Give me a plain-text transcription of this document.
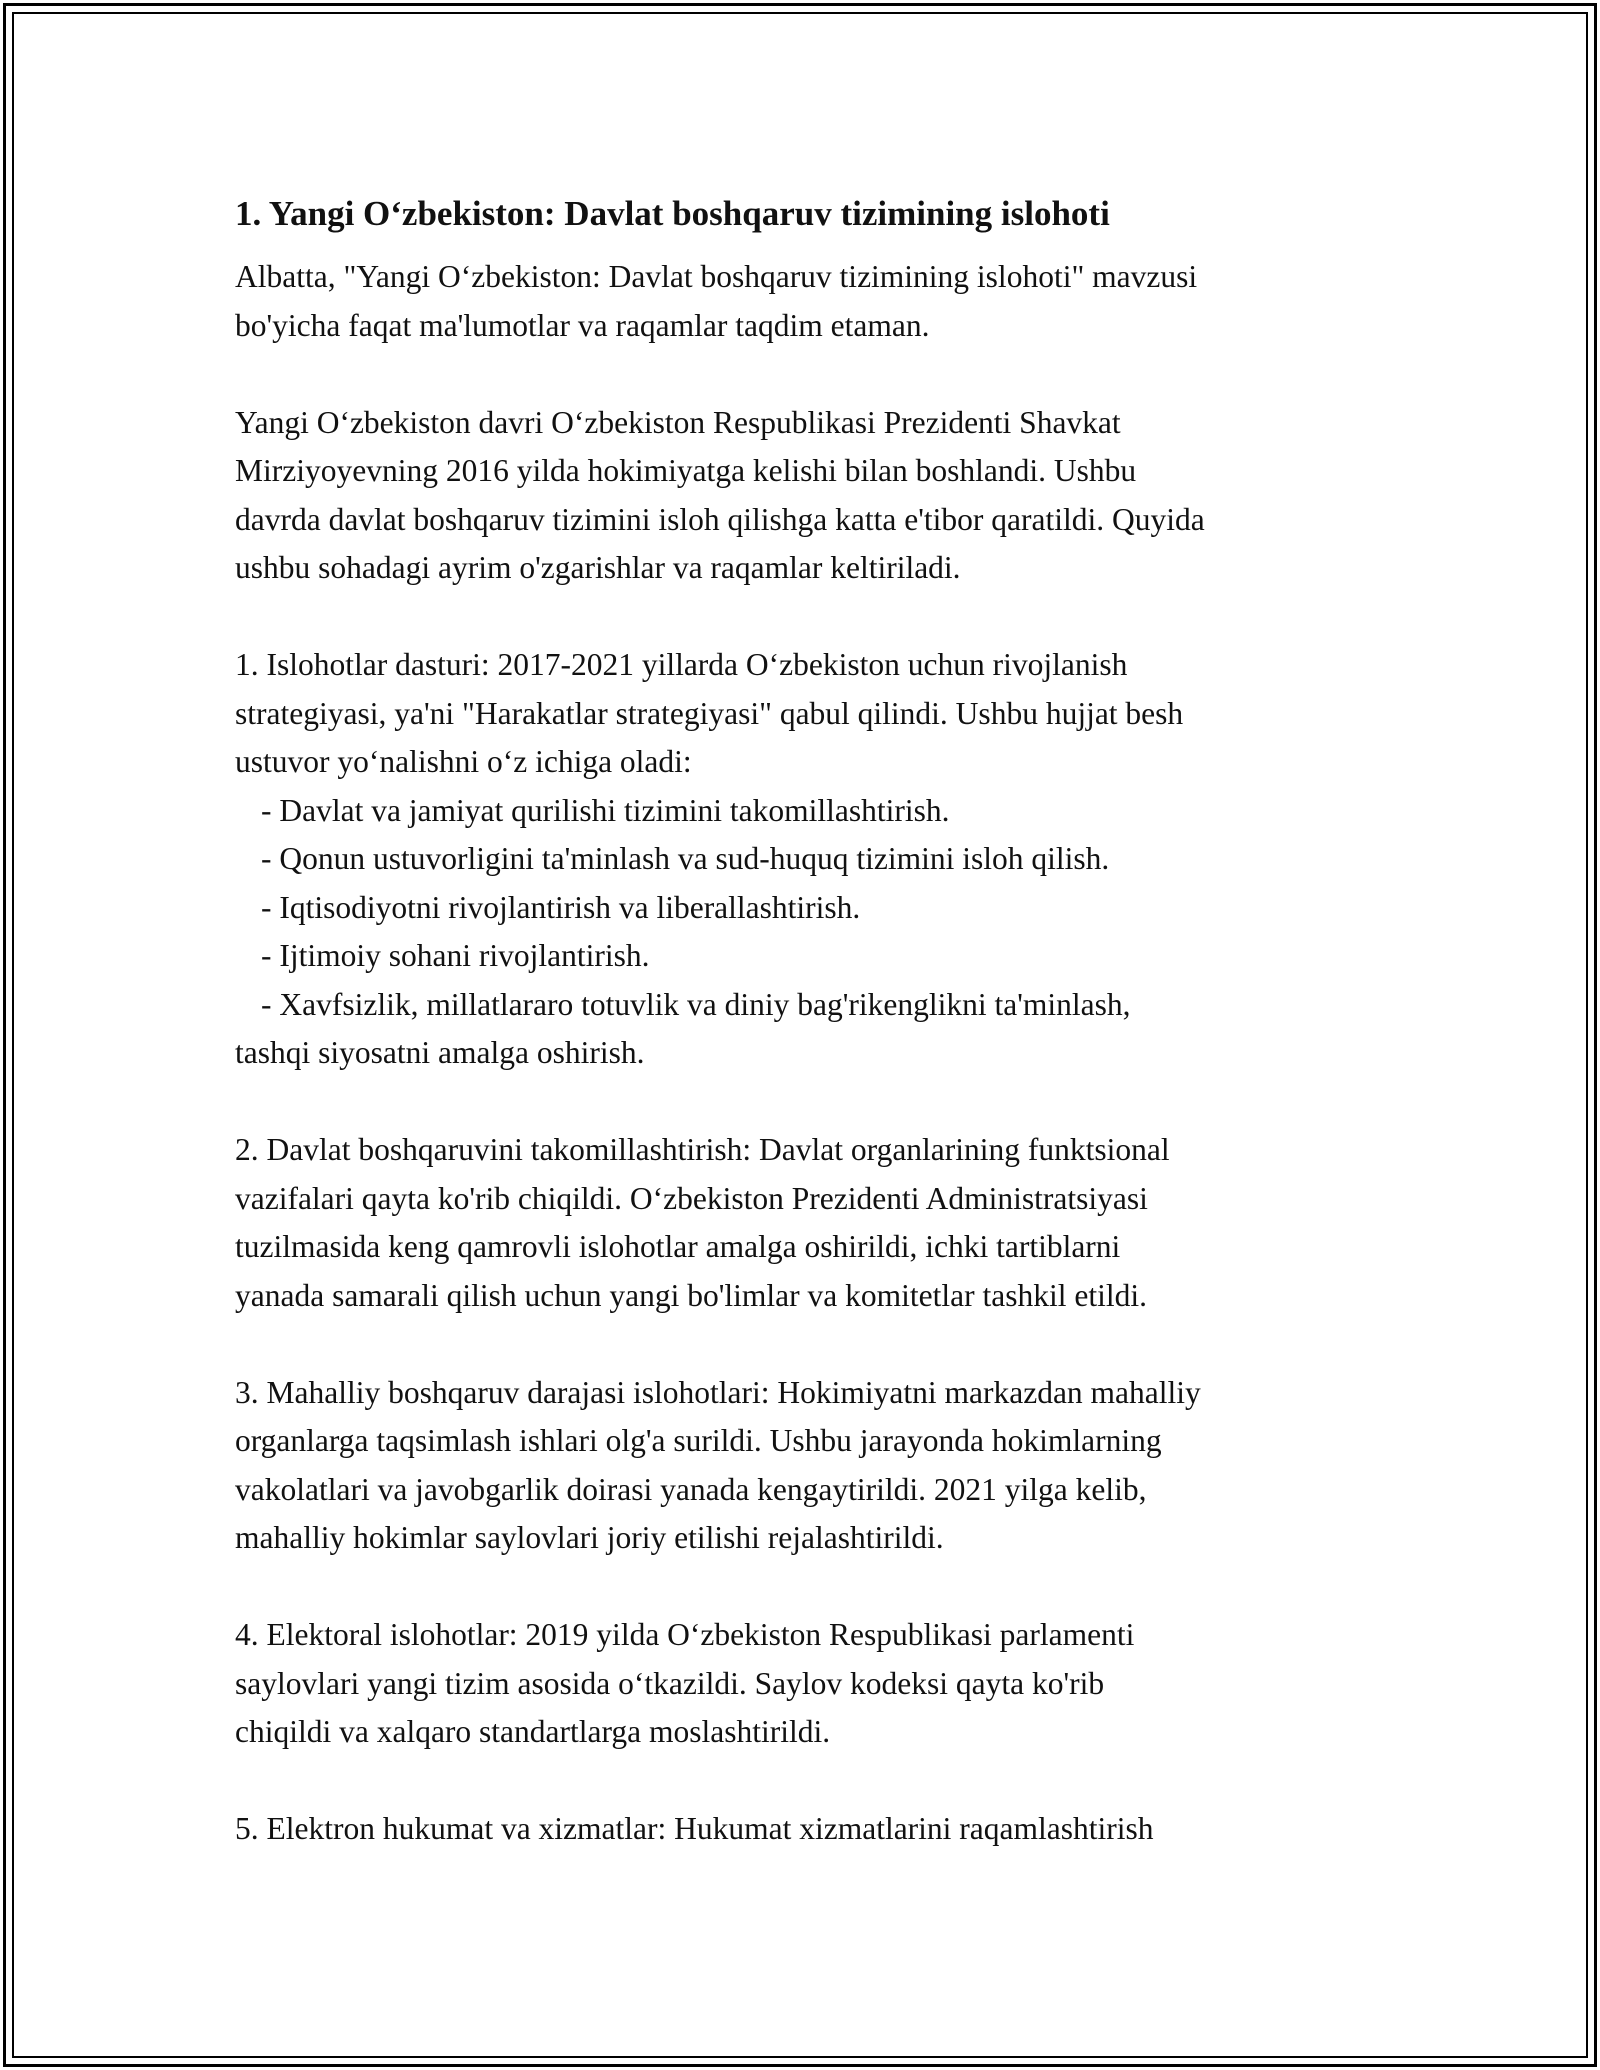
1. Yangi O‘zbekiston: Davlat boshqaruv tizimining islohoti
Albatta, "Yangi O‘zbekiston: Davlat boshqaruv tizimining islohoti" mavzusi
bo'yicha faqat ma'lumotlar va raqamlar taqdim etaman.
Yangi O‘zbekiston davri O‘zbekiston Respublikasi Prezidenti Shavkat
Mirziyoyevning 2016 yilda hokimiyatga kelishi bilan boshlandi. Ushbu
davrda davlat boshqaruv tizimini isloh qilishga katta e'tibor qaratildi. Quyida
ushbu sohadagi ayrim o'zgarishlar va raqamlar keltiriladi.
1. Islohotlar dasturi: 2017-2021 yillarda O‘zbekiston uchun rivojlanish
strategiyasi, ya'ni "Harakatlar strategiyasi" qabul qilindi. Ushbu hujjat besh
ustuvor yo‘nalishni o‘z ichiga oladi:
- Davlat va jamiyat qurilishi tizimini takomillashtirish.
- Qonun ustuvorligini ta'minlash va sud-huquq tizimini isloh qilish.
- Iqtisodiyotni rivojlantirish va liberallashtirish.
- Ijtimoiy sohani rivojlantirish.
- Xavfsizlik, millatlararo totuvlik va diniy bag'rikenglikni ta'minlash,
tashqi siyosatni amalga oshirish.
2. Davlat boshqaruvini takomillashtirish: Davlat organlarining funktsional
vazifalari qayta ko'rib chiqildi. O‘zbekiston Prezidenti Administratsiyasi
tuzilmasida keng qamrovli islohotlar amalga oshirildi, ichki tartiblarni
yanada samarali qilish uchun yangi bo'limlar va komitetlar tashkil etildi.
3. Mahalliy boshqaruv darajasi islohotlari: Hokimiyatni markazdan mahalliy
organlarga taqsimlash ishlari olg'a surildi. Ushbu jarayonda hokimlarning
vakolatlari va javobgarlik doirasi yanada kengaytirildi. 2021 yilga kelib,
mahalliy hokimlar saylovlari joriy etilishi rejalashtirildi.
4. Elektoral islohotlar: 2019 yilda O‘zbekiston Respublikasi parlamenti
saylovlari yangi tizim asosida o‘tkazildi. Saylov kodeksi qayta ko'rib
chiqildi va xalqaro standartlarga moslashtirildi.
5. Elektron hukumat va xizmatlar: Hukumat xizmatlarini raqamlashtirish
